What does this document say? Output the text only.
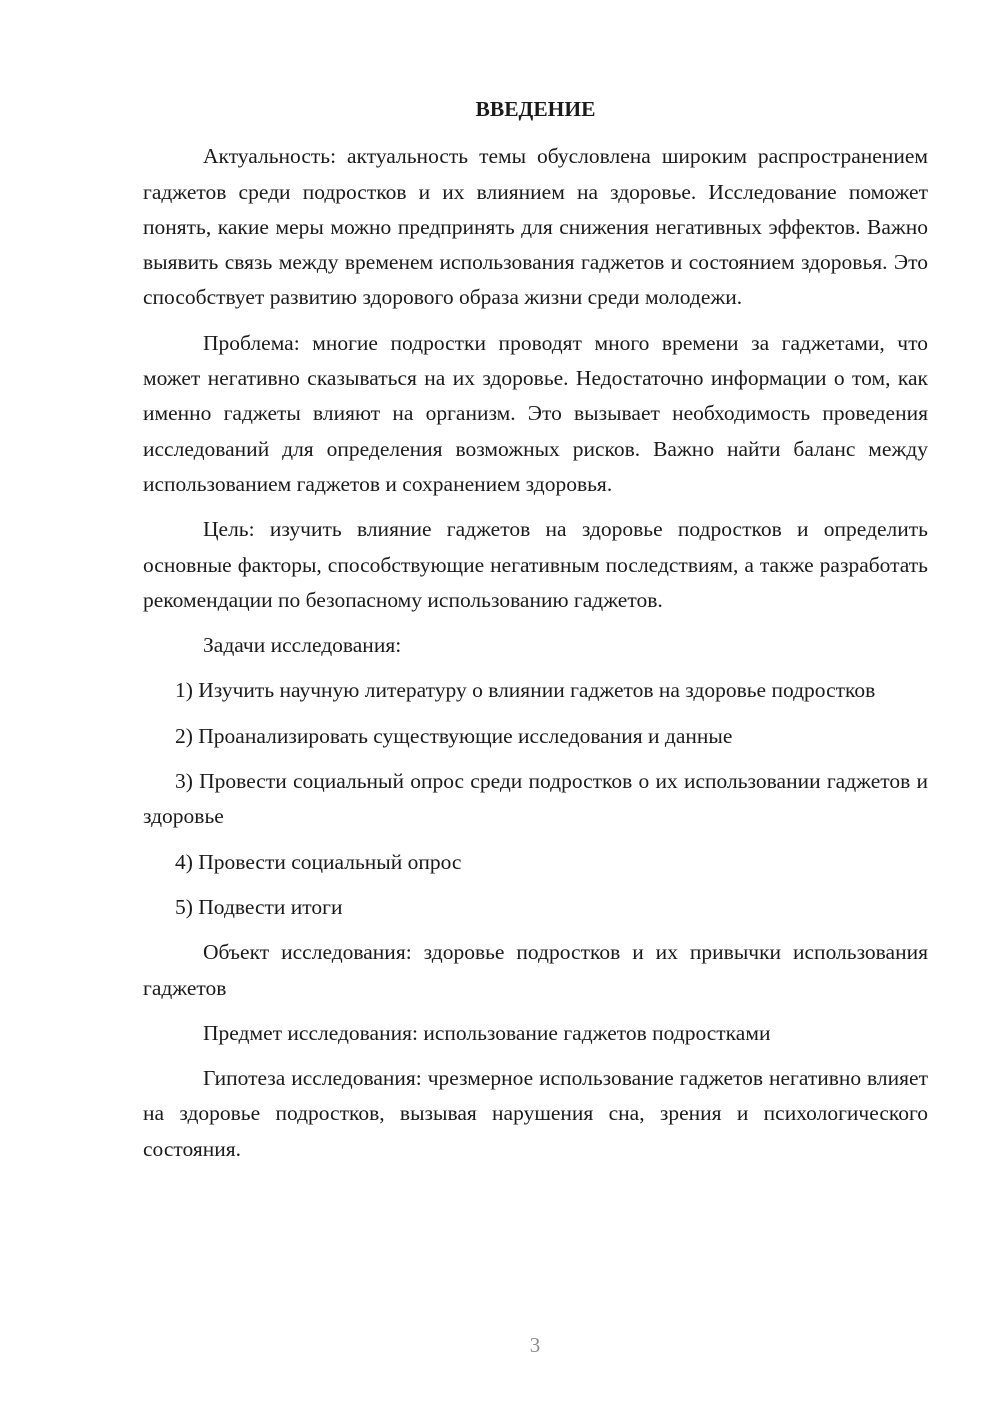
ВВЕДЕНИЕ

Актуальность: актуальность темы обусловлена широким распространением гаджетов среди подростков и их влиянием на здоровье. Исследование поможет понять, какие меры можно предпринять для снижения негативных эффектов. Важно выявить связь между временем использования гаджетов и состоянием здоровья. Это способствует развитию здорового образа жизни среди молодежи.

Проблема: многие подростки проводят много времени за гаджетами, что может негативно сказываться на их здоровье. Недостаточно информации о том, как именно гаджеты влияют на организм. Это вызывает необходимость проведения исследований для определения возможных рисков. Важно найти баланс между использованием гаджетов и сохранением здоровья.

Цель: изучить влияние гаджетов на здоровье подростков и определить основные факторы, способствующие негативным последствиям, а также разработать рекомендации по безопасному использованию гаджетов.

Задачи исследования:

1) Изучить научную литературу о влиянии гаджетов на здоровье подростков

2) Проанализировать существующие исследования и данные

3) Провести социальный опрос среди подростков о их использовании гаджетов и здоровье

4) Провести социальный опрос

5) Подвести итоги

Объект исследования: здоровье подростков и их привычки использования гаджетов

Предмет исследования: использование гаджетов подростками

Гипотеза исследования: чрезмерное использование гаджетов негативно влияет на здоровье подростков, вызывая нарушения сна, зрения и психологического состояния.

3
